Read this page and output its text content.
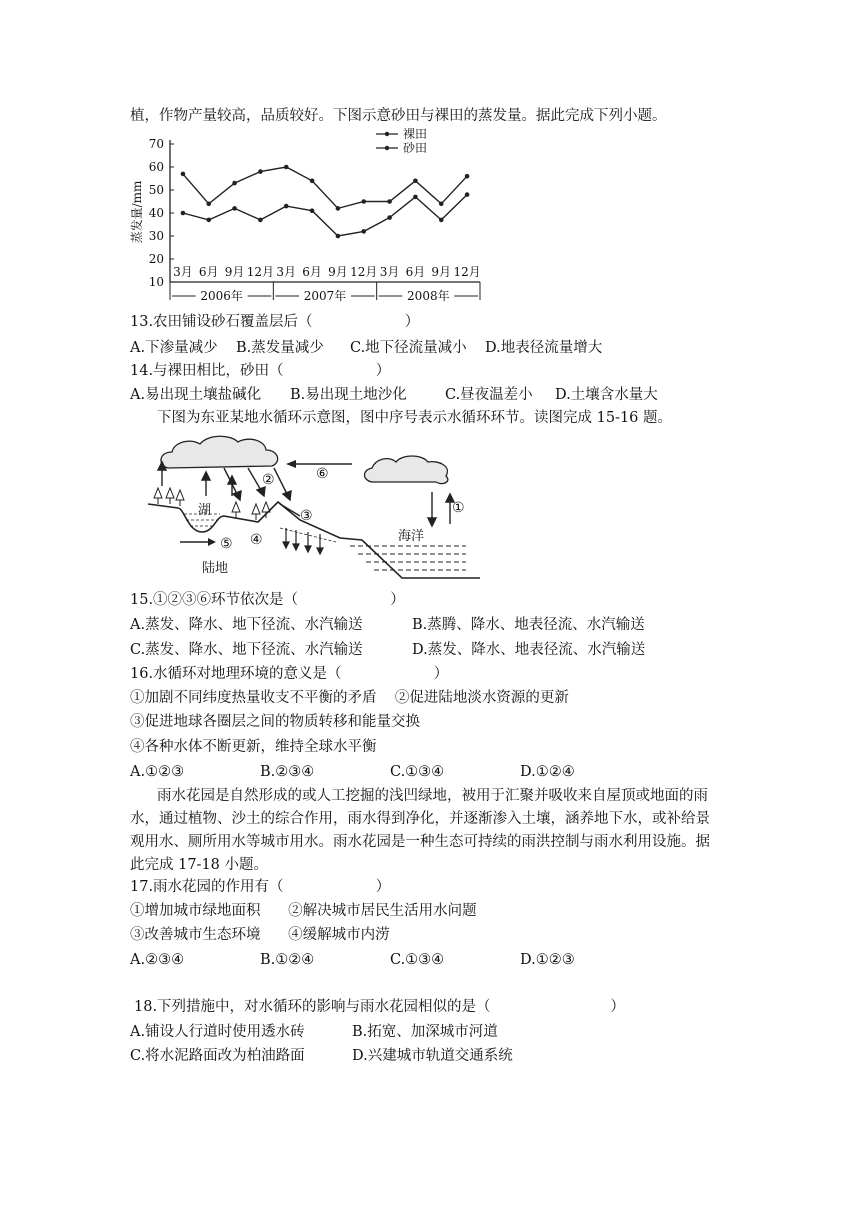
植，作物产量较高，品质较好。下图示意砂田与裸田的蒸发量。据此完成下列小题。
10
20
30
40
50
60
70
3月 6月 9月 12月 3月 6月 9月 12月 3月 6月 9月 12月
2006年	2007年	2008年
裸田
砂田
蒸发量/mm
13.农田铺设砂石覆盖层后（                    ）
A.下渗量减少 B.蒸发量减少 C.地下径流量减小 D.地表径流量增大
14.与裸田相比，砂田（                    ）
A.易出现土壤盐碱化 B.易出现土地沙化	C.昼夜温差小 D.土壤含水量大
下图为东亚某地水循环示意图，图中序号表示水循环环节。读图完成 15-16 题。
⑥
②
③	①
④
⑤
湖
海洋
陆地
15.①②③⑥环节依次是（                    ）
A.蒸发、降水、地下径流、水汽输送	B.蒸腾、降水、地表径流、水汽输送
C.蒸发、降水、地下径流、水汽输送	D.蒸发、降水、地表径流、水汽输送
16.水循环对地理环境的意义是（                    ）
①加剧不同纬度热量收支不平衡的矛盾    ②促进陆地淡水资源的更新
③促进地球各圈层之间的物质转移和能量交换
④各种水体不断更新，维持全球水平衡
A.①②③	B.②③④	C.①③④	D.①②④
雨水花园是自然形成的或人工挖掘的浅凹绿地，被用于汇聚并吸收来自屋顶或地面的雨
水，通过植物、沙土的综合作用，雨水得到净化，并逐渐渗入土壤，涵养地下水，或补给景
观用水、厕所用水等城市用水。雨水花园是一种生态可持续的雨洪控制与雨水利用设施。据
此完成 17-18 小题。
17.雨水花园的作用有（                    ）
①增加城市绿地面积      ②解决城市居民生活用水问题
③改善城市生态环境      ④缓解城市内涝
A.②③④	B.①②④	C.①③④	D.①②③
18.下列措施中，对水循环的影响与雨水花园相似的是（                          ）
A.铺设人行道时使用透水砖	B.拓宽、加深城市河道
C.将水泥路面改为柏油路面	D.兴建城市轨道交通系统
